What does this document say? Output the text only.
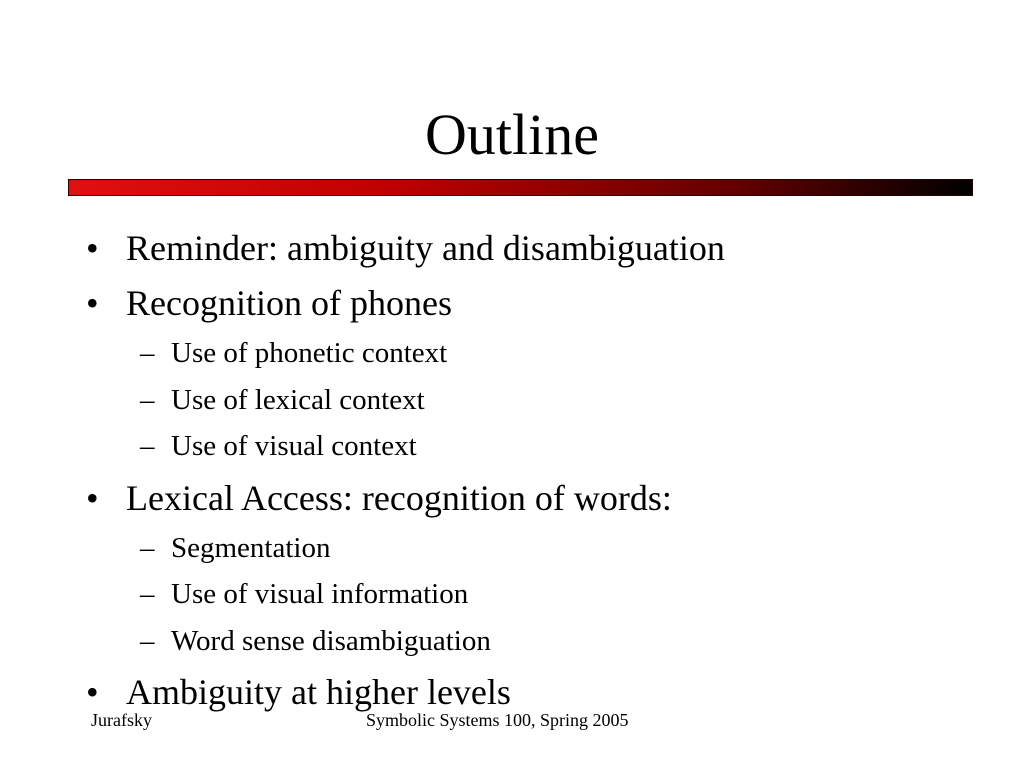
Outline
• Reminder: ambiguity and disambiguation
• Recognition of phones
– Use of phonetic context
– Use of lexical context
– Use of visual context
• Lexical Access: recognition of words:
– Segmentation
– Use of visual information
– Word sense disambiguation
• Ambiguity at higher levels
Jurafsky	Symbolic Systems 100, Spring 2005
